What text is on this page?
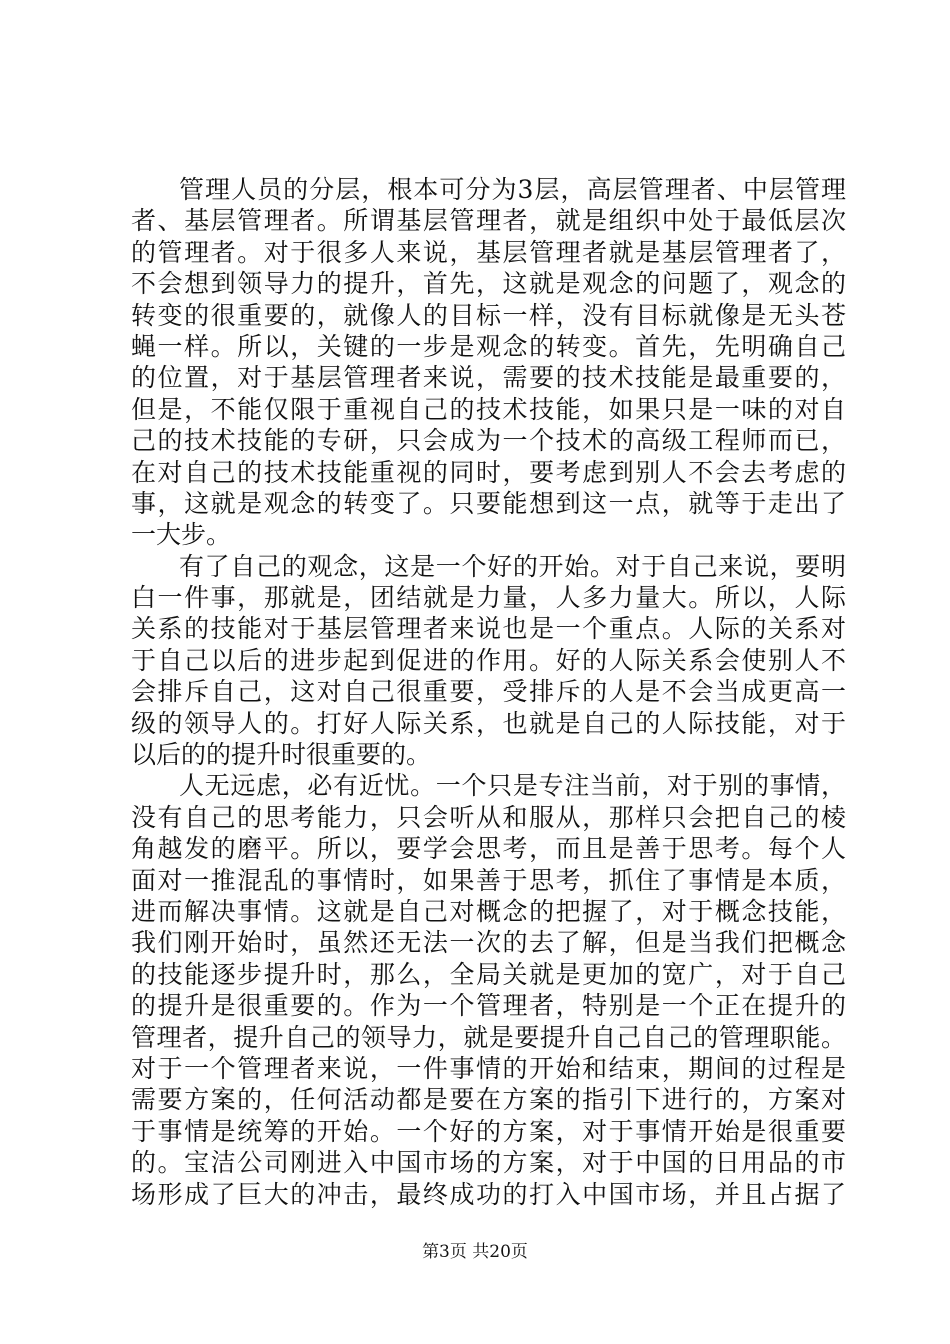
管理人员的分层，根本可分为3层，高层管理者、中层管理
者、基层管理者。所谓基层管理者，就是组织中处于最低层次
的管理者。对于很多人来说，基层管理者就是基层管理者了，
不会想到领导力的提升，首先，这就是观念的问题了，观念的
转变的很重要的，就像人的目标一样，没有目标就像是无头苍
蝇一样。所以，关键的一步是观念的转变。首先，先明确自己
的位置，对于基层管理者来说，需要的技术技能是最重要的，
但是，不能仅限于重视自己的技术技能，如果只是一味的对自
己的技术技能的专研，只会成为一个技术的高级工程师而已，
在对自己的技术技能重视的同时，要考虑到别人不会去考虑的
事，这就是观念的转变了。只要能想到这一点，就等于走出了
一大步。
有了自己的观念，这是一个好的开始。对于自己来说，要明
白一件事，那就是，团结就是力量，人多力量大。所以，人际
关系的技能对于基层管理者来说也是一个重点。人际的关系对
于自己以后的进步起到促进的作用。好的人际关系会使别人不
会排斥自己，这对自己很重要，受排斥的人是不会当成更高一
级的领导人的。打好人际关系，也就是自己的人际技能，对于
以后的的提升时很重要的。
人无远虑，必有近忧。一个只是专注当前，对于别的事情，
没有自己的思考能力，只会听从和服从，那样只会把自己的棱
角越发的磨平。所以，要学会思考，而且是善于思考。每个人
面对一推混乱的事情时，如果善于思考，抓住了事情是本质，
进而解决事情。这就是自己对概念的把握了，对于概念技能，
我们刚开始时，虽然还无法一次的去了解，但是当我们把概念
的技能逐步提升时，那么，全局关就是更加的宽广，对于自己
的提升是很重要的。作为一个管理者，特别是一个正在提升的
管理者，提升自己的领导力，就是要提升自己自己的管理职能。
对于一个管理者来说，一件事情的开始和结束，期间的过程是
需要方案的，任何活动都是要在方案的指引下进行的，方案对
于事情是统筹的开始。一个好的方案，对于事情开始是很重要
的。宝洁公司刚进入中国市场的方案，对于中国的日用品的市
场形成了巨大的冲击，最终成功的打入中国市场，并且占据了
第3页 共20页
